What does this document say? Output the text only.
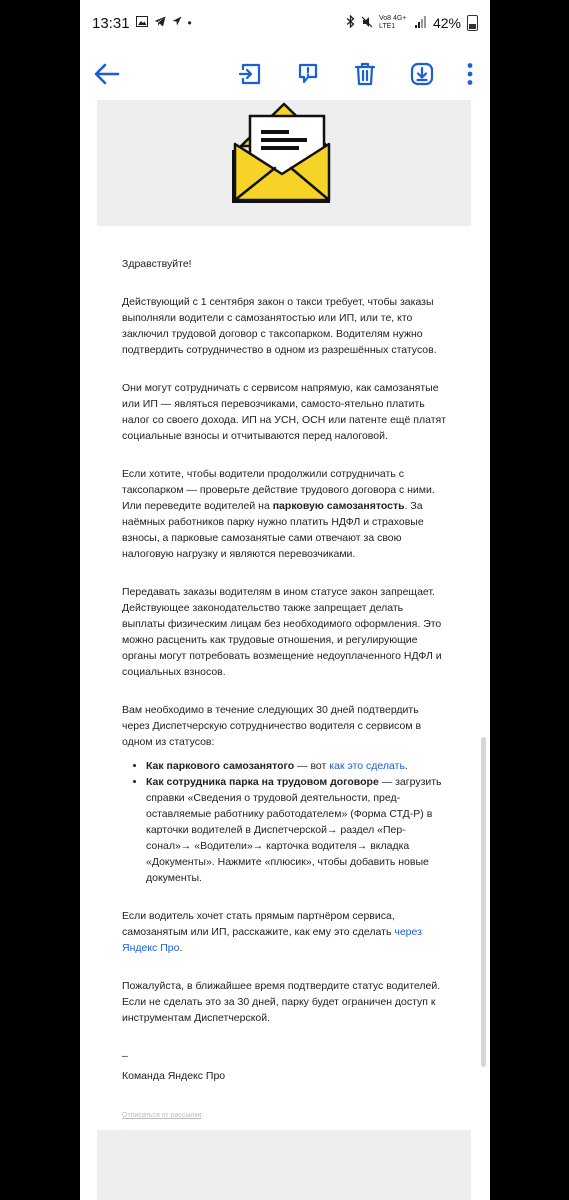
13:31	•	Vo8 4G+ LTE1	42%

Здравствуйте!

Действующий с 1 сентября закон о такси требует, чтобы заказы выполняли водители с самозанятостью или ИП, или те, кто заключил трудовой договор с таксопарком. Водителям нужно подтвердить сотрудничество в одном из разрешённых статусов.

Они могут сотрудничать с сервисом напрямую, как самозанятые или ИП — являться перевозчиками, самосто-ятельно платить налог со своего дохода. ИП на УСН, ОСН или патенте ещё платят социальные взносы и отчитываются перед налоговой.

Если хотите, чтобы водители продолжили сотрудничать с таксопарком — проверьте действие трудового договора с ними. Или переведите водителей на парковую самозанятость. За наёмных работников парку нужно платить НДФЛ и страховые взносы, а парковые самозанятые сами отвечают за свою налоговую нагрузку и являются перевозчиками.

Передавать заказы водителям в ином статусе закон запрещает. Действующее законодательство также запрещает делать выплаты физическим лицам без необходимого оформления. Это можно расценить как трудовые отношения, и регулирующие органы могут потребовать возмещение недоуплаченного НДФЛ и социальных взносов.

Вам необходимо в течение следующих 30 дней подтвердить через Диспетчерскую сотрудничество водителя с сервисом в одном из статусов:

• Как паркового самозанятого — вот как это сделать.
• Как сотрудника парка на трудовом договоре — загрузить справки «Сведения о трудовой деятельности, пред-оставляемые работнику работодателем» (Форма СТД-Р) в карточки водителей в Диспетчерской→ раздел «Пер-сонал»→ «Водители»→ карточка водителя→ вкладка «Документы». Нажмите «плюсик», чтобы добавить новые документы.

Если водитель хочет стать прямым партнёром сервиса, самозанятым или ИП, расскажите, как ему это сделать через Яндекс Про.

Пожалуйста, в ближайшее время подтвердите статус водителей. Если не сделать это за 30 дней, парку будет ограничен доступ к инструментам Диспетчерской.

–
Команда Яндекс Про
Отписаться от рассылки
